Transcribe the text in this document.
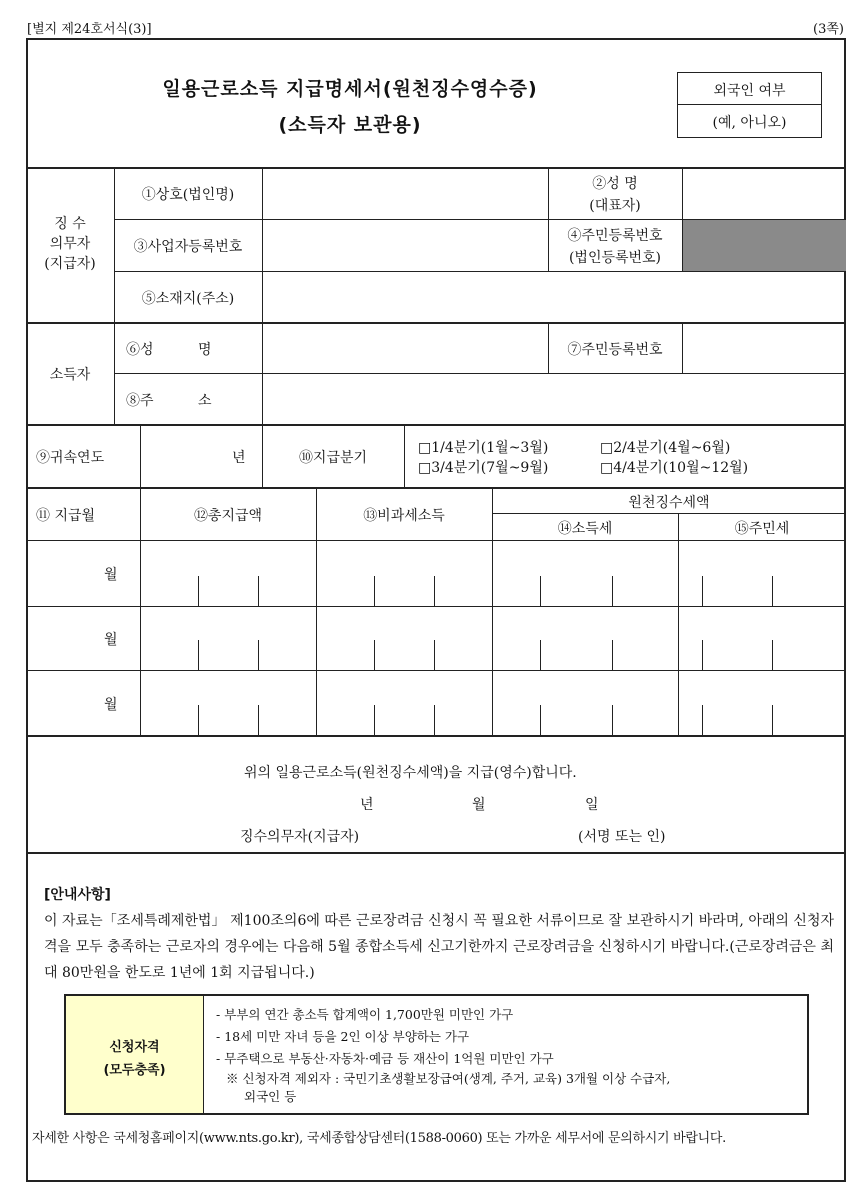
[별지 제24호서식(3)]	(3쪽)
일용근로소득 지급명세서(원천징수영수증)
(소득자 보관용)
외국인 여부
(예, 아니오)
징 수
의무자
(지급자)
①상호(법인명)
②성 명
(대표자)
③사업자등록번호
④주민등록번호
(법인등록번호)
⑤소재지(주소)
소득자
⑥성          명	⑦주민등록번호
⑧주          소
⑨귀속연도	년	⑩지급분기
□1/4분기(1월~3월)	□2/4분기(4월~6월)
□3/4분기(7월~9월)	□4/4분기(10월~12월)
⑪ 지급월	⑫총지급액	⑬비과세소득
원천징수세액
⑭소득세	⑮주민세
월
월
월
위의 일용근로소득(원천징수세액)을 지급(영수)합니다.
년	월	일
징수의무자(지급자)	(서명 또는 인)
[안내사항]
이 자료는「조세특례제한법」 제100조의6에 따른 근로장려금 신청시 꼭 필요한 서류이므로 잘 보관하시기 바라며, 아래의 신청자격을 모두 충족하는 근로자의 경우에는 다음해 5월 종합소득세 신고기한까지 근로장려금을 신청하시기 바랍니다.(근로장려금은 최대 80만원을 한도로 1년에 1회 지급됩니다.)
신청자격
(모두충족)
- 부부의 연간 총소득 합계액이 1,700만원 미만인 가구
- 18세 미만 자녀 등을 2인 이상 부양하는 가구
- 무주택으로 부동산·자동차·예금 등 재산이 1억원 미만인 가구
※ 신청자격 제외자 : 국민기초생활보장급여(생계, 주거, 교육) 3개월 이상 수급자,
외국인 등
자세한 사항은 국세청홈페이지(www.nts.go.kr), 국세종합상담센터(1588-0060) 또는 가까운 세무서에 문의하시기 바랍니다.
